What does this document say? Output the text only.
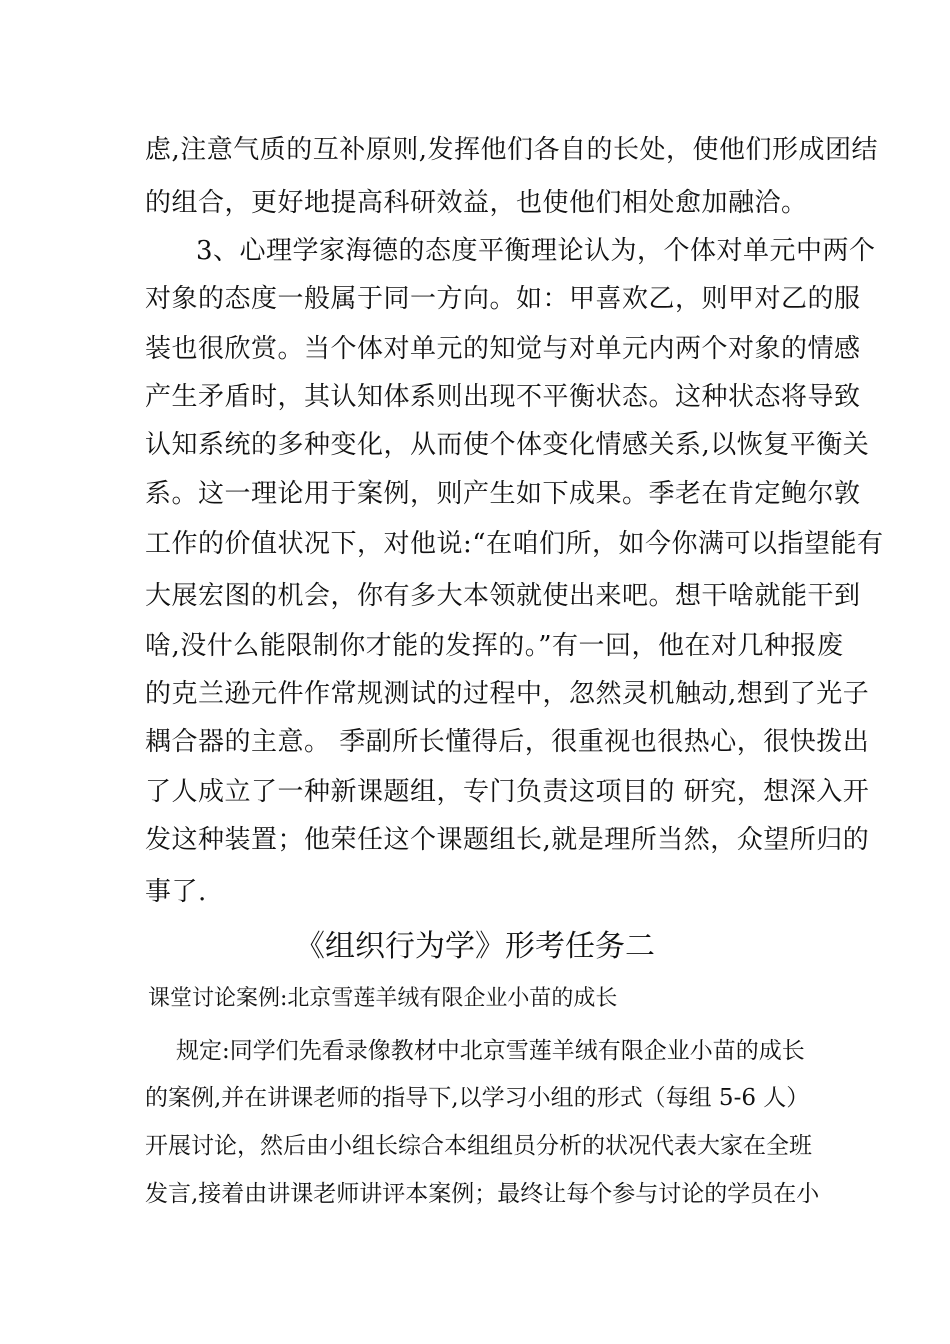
虑,注意气质的互补原则,发挥他们各自的长处，使他们形成团结
的组合，更好地提高科研效益，也使他们相处愈加融洽。
3、心理学家海德的态度平衡理论认为，个体对单元中两个
对象的态度一般属于同一方向。如：甲喜欢乙，则甲对乙的服
装也很欣赏。当个体对单元的知觉与对单元内两个对象的情感
产生矛盾时，其认知体系则出现不平衡状态。这种状态将导致
认知系统的多种变化，从而使个体变化情感关系,以恢复平衡关
系。这一理论用于案例，则产生如下成果。季老在肯定鲍尔敦
工作的价值状况下，对他说:“在咱们所，如今你满可以指望能有
大展宏图的机会，你有多大本领就使出来吧。想干啥就能干到
啥,没什么能限制你才能的发挥的。”有一回，他在对几种报废
的克兰逊元件作常规测试的过程中，忽然灵机触动,想到了光子
耦合器的主意。 季副所长懂得后，很重视也很热心，很快拨出
了人成立了一种新课题组，专门负责这项目的 研究，想深入开
发这种装置；他荣任这个课题组长,就是理所当然，众望所归的
事了.
《组织行为学》形考任务二
课堂讨论案例:北京雪莲羊绒有限企业小苗的成长
规定:同学们先看录像教材中北京雪莲羊绒有限企业小苗的成长
的案例,并在讲课老师的指导下,以学习小组的形式（每组 5-6 人）
开展讨论，然后由小组长综合本组组员分析的状况代表大家在全班
发言,接着由讲课老师讲评本案例；最终让每个参与讨论的学员在小
